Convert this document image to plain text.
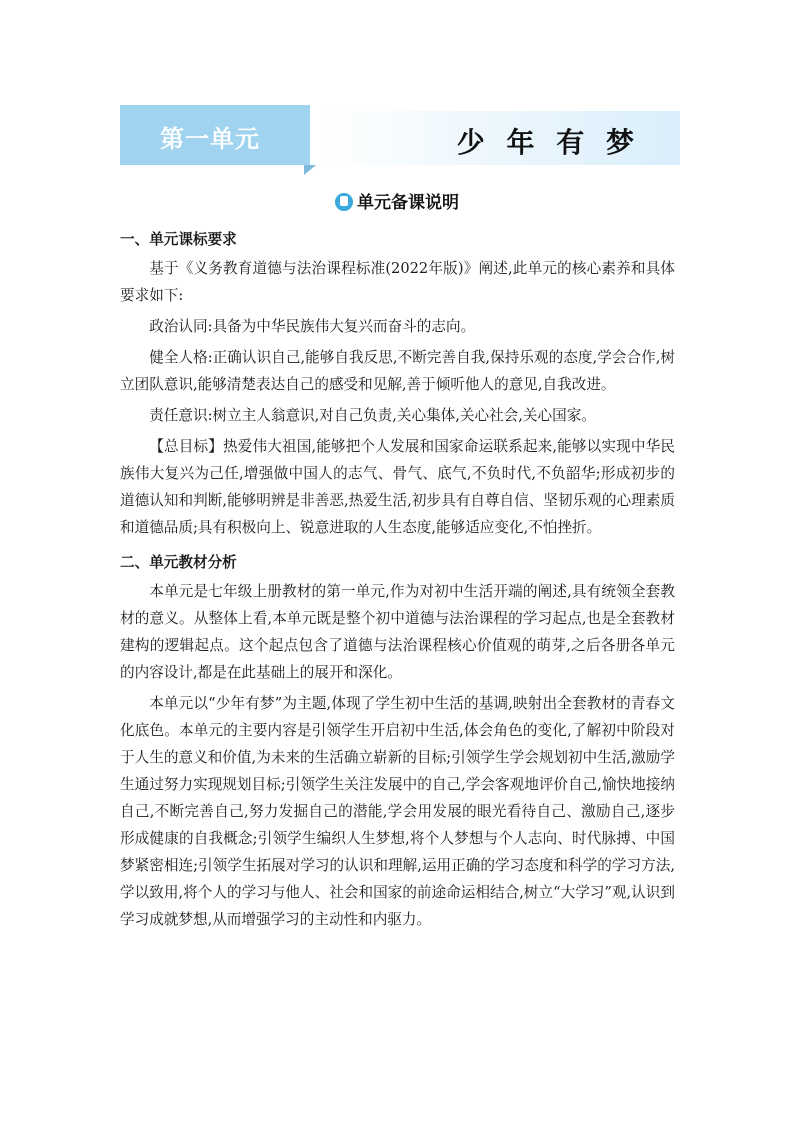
第一单元	少 年 有 梦
单元备课说明
一、单元课标要求

基于《义务教育道德与法治课程标准(2022年版)》阐述,此单元的核心素养和具体要求如下:

政治认同:具备为中华民族伟大复兴而奋斗的志向。

健全人格:正确认识自己,能够自我反思,不断完善自我,保持乐观的态度,学会合作,树立团队意识,能够清楚表达自己的感受和见解,善于倾听他人的意见,自我改进。

责任意识:树立主人翁意识,对自己负责,关心集体,关心社会,关心国家。

【总目标】热爱伟大祖国,能够把个人发展和国家命运联系起来,能够以实现中华民族伟大复兴为己任,增强做中国人的志气、骨气、底气,不负时代,不负韶华;形成初步的道德认知和判断,能够明辨是非善恶,热爱生活,初步具有自尊自信、坚韧乐观的心理素质和道德品质;具有积极向上、锐意进取的人生态度,能够适应变化,不怕挫折。

二、单元教材分析

本单元是七年级上册教材的第一单元,作为对初中生活开端的阐述,具有统领全套教材的意义。从整体上看,本单元既是整个初中道德与法治课程的学习起点,也是全套教材建构的逻辑起点。这个起点包含了道德与法治课程核心价值观的萌芽,之后各册各单元的内容设计,都是在此基础上的展开和深化。

本单元以“少年有梦”为主题,体现了学生初中生活的基调,映射出全套教材的青春文化底色。本单元的主要内容是引领学生开启初中生活,体会角色的变化,了解初中阶段对于人生的意义和价值,为未来的生活确立崭新的目标;引领学生学会规划初中生活,激励学生通过努力实现规划目标;引领学生关注发展中的自己,学会客观地评价自己,愉快地接纳自己,不断完善自己,努力发掘自己的潜能,学会用发展的眼光看待自己、激励自己,逐步形成健康的自我概念;引领学生编织人生梦想,将个人梦想与个人志向、时代脉搏、中国梦紧密相连;引领学生拓展对学习的认识和理解,运用正确的学习态度和科学的学习方法,学以致用,将个人的学习与他人、社会和国家的前途命运相结合,树立“大学习”观,认识到学习成就梦想,从而增强学习的主动性和内驱力。
